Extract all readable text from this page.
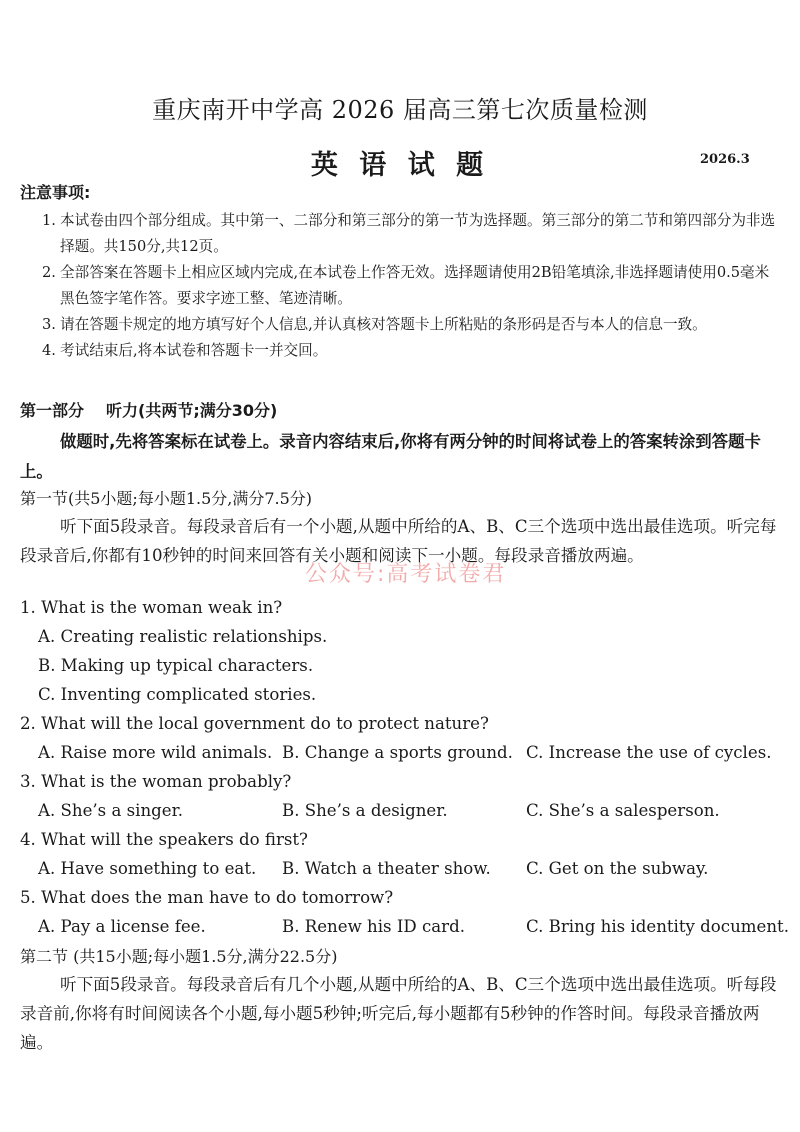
重庆南开中学高 2026 届高三第七次质量检测
英 语 试 题	2026.3
注意事项:
1. 本试卷由四个部分组成。其中第一、二部分和第三部分的第一节为选择题。第三部分的第二节和第四部分为非选择题。共150分,共12页。
2. 全部答案在答题卡上相应区域内完成,在本试卷上作答无效。选择题请使用2B铅笔填涂,非选择题请使用0.5毫米黑色签字笔作答。要求字迹工整、笔迹清晰。
3. 请在答题卡规定的地方填写好个人信息,并认真核对答题卡上所粘贴的条形码是否与本人的信息一致。
4. 考试结束后,将本试卷和答题卡一并交回。
第一部分 听力(共两节;满分30分)
做题时,先将答案标在试卷上。录音内容结束后,你将有两分钟的时间将试卷上的答案转涂到答题卡上。
第一节(共5小题;每小题1.5分,满分7.5分)
听下面5段录音。每段录音后有一个小题,从题中所给的A、B、C三个选项中选出最佳选项。听完每段录音后,你都有10秒钟的时间来回答有关小题和阅读下一小题。每段录音播放两遍。
公众号:高考试卷君
1. What is the woman weak in?
A. Creating realistic relationships.
B. Making up typical characters.
C. Inventing complicated stories.
2. What will the local government do to protect nature?
A. Raise more wild animals. B. Change a sports ground. C. Increase the use of cycles.
3. What is the woman probably?
A. She’s a singer.	B. She’s a designer.	C. She’s a salesperson.
4. What will the speakers do first?
A. Have something to eat. B. Watch a theater show. C. Get on the subway.
5. What does the man have to do tomorrow?
A. Pay a license fee.	B. Renew his ID card.	C. Bring his identity document.
第二节 (共15小题;每小题1.5分,满分22.5分)
听下面5段录音。每段录音后有几个小题,从题中所给的A、B、C三个选项中选出最佳选项。听每段录音前,你将有时间阅读各个小题,每小题5秒钟;听完后,每小题都有5秒钟的作答时间。每段录音播放两遍。
